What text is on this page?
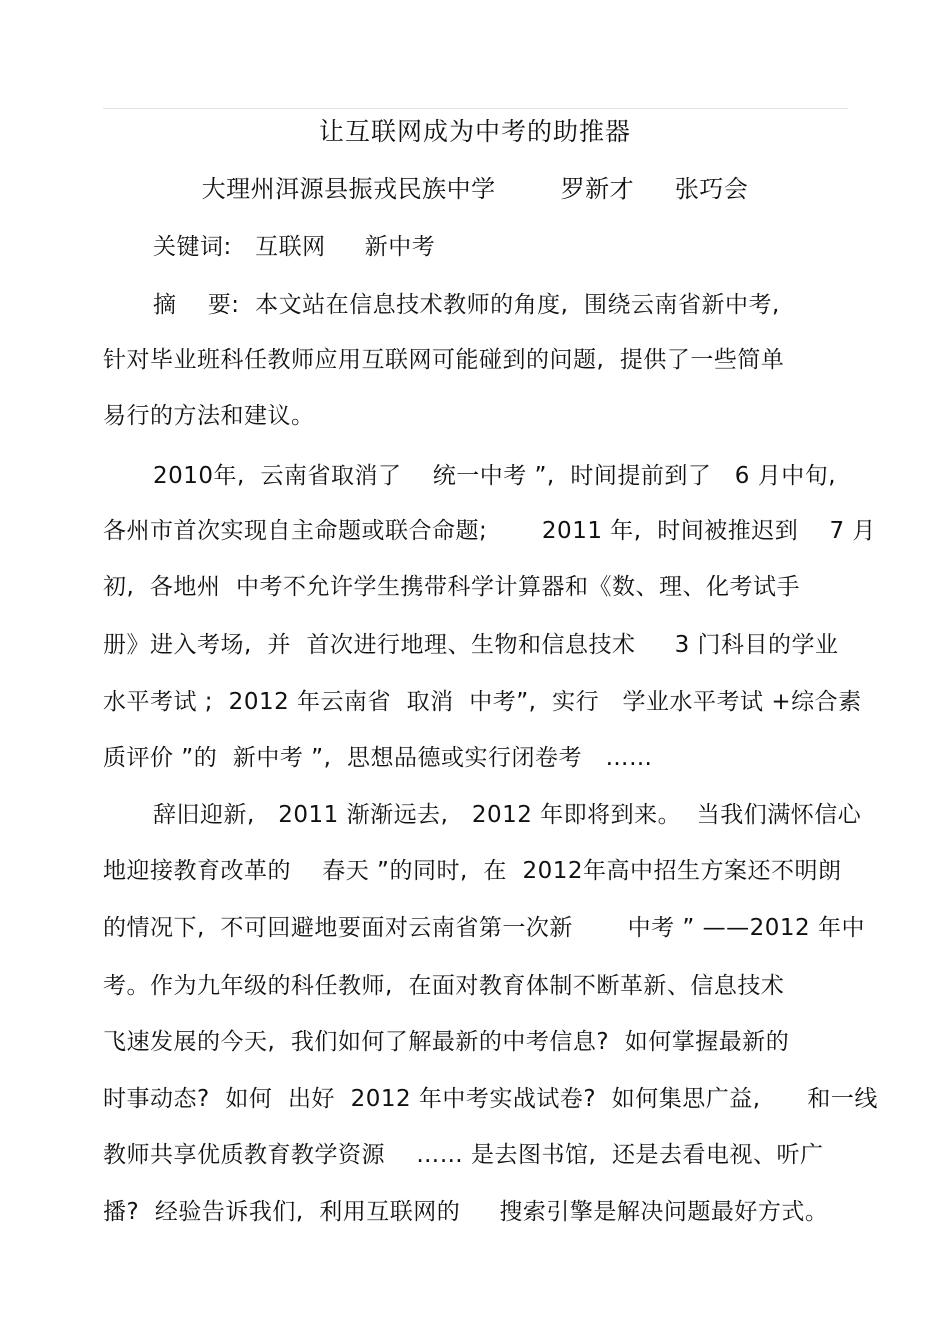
让互联网成为中考的助推器
大理州洱源县振戎民族中学        罗新才     张巧会
关键词:   互联网     新中考
摘    要:  本文站在信息技术教师的角度,  围绕云南省新中考,
针对毕业班科任教师应用互联网可能碰到的问题,  提供了一些简单
易行的方法和建议。
2010年,  云南省取消了    统一中考 ”,  时间提前到了   6 月中旬,
各州市首次实现自主命题或联合命题;       2011 年,  时间被推迟到    7 月
初,  各地州  中考不允许学生携带科学计算器和《数、理、化考试手
册》进入考场,  并  首次进行地理、生物和信息技术     3 门科目的学业
水平考试 ;  2012 年云南省  取消  中考”,  实行   学业水平考试 +综合素
质评价 ”的  新中考 ”,  思想品德或实行闭卷考   ……
辞旧迎新,   2011 渐渐远去,   2012 年即将到来。  当我们满怀信心
地迎接教育改革的    春天 ”的同时,  在  2012年高中招生方案还不明朗
的情况下,  不可回避地要面对云南省第一次新       中考 ” ——2012 年中
考。作为九年级的科任教师,  在面对教育体制不断革新、信息技术
飞速发展的今天,  我们如何了解最新的中考信息?  如何掌握最新的
时事动态?  如何  出好  2012 年中考实战试卷?  如何集思广益,      和一线
教师共享优质教育教学资源    …… 是去图书馆,  还是去看电视、听广
播?  经验告诉我们,  利用互联网的     搜索引擎是解决问题最好方式。
